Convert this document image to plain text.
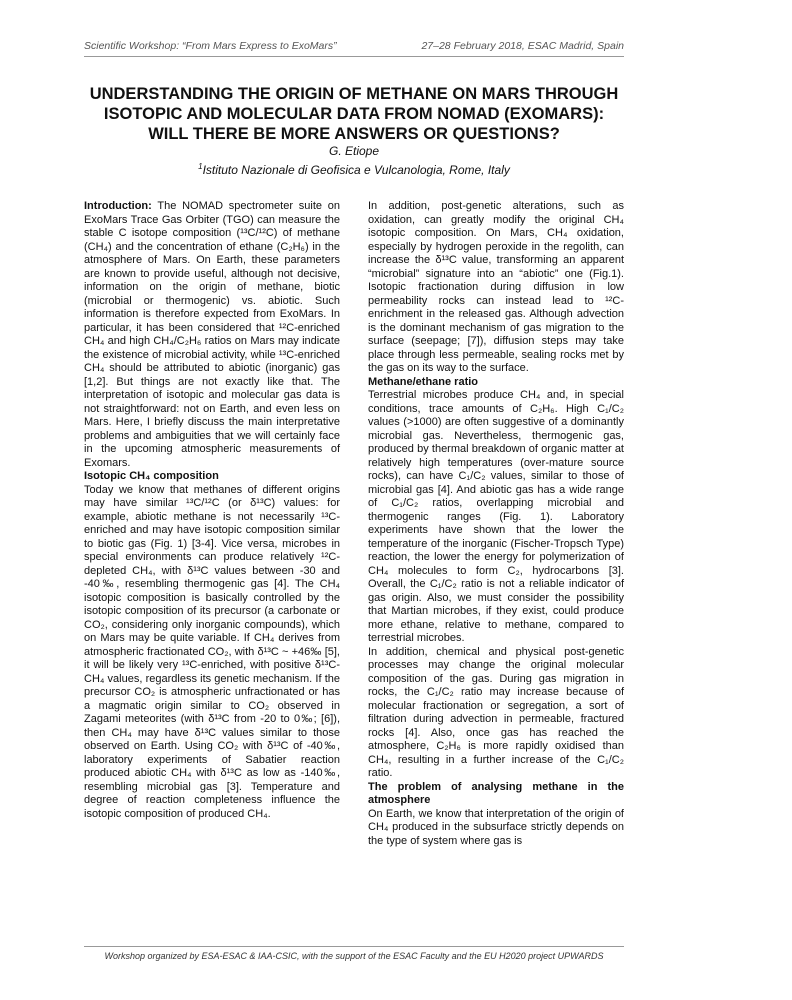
Scientific Workshop: “From Mars Express to ExoMars”	27–28 February 2018, ESAC Madrid, Spain
UNDERSTANDING THE ORIGIN OF METHANE ON MARS THROUGH
ISOTOPIC AND MOLECULAR DATA FROM NOMAD (EXOMARS):
WILL THERE BE MORE ANSWERS OR QUESTIONS?
G. Etiope
$^1$Istituto Nazionale di Geofisica e Vulcanologia, Rome, Italy

Introduction: The NOMAD spectrometer suite on ExoMars Trace Gas Orbiter (TGO) can measure the stable C isotope composition (¹³C/¹²C) of methane (CH₄) and the concentration of ethane (C₂H₆) in the atmosphere of Mars. On Earth, these parameters are known to provide useful, although not decisive, information on the origin of methane, biotic (microbial or thermogenic) vs. abiotic. Such information is therefore expected from ExoMars. In particular, it has been considered that ¹²C-enriched CH₄ and high CH₄/C₂H₆ ratios on Mars may indicate the existence of microbial activity, while ¹³C-enriched CH₄ should be attributed to abiotic (inorganic) gas [1,2]. But things are not exactly like that. The interpretation of isotopic and molecular gas data is not straightforward: not on Earth, and even less on Mars. Here, I briefly discuss the main interpretative problems and ambiguities that we will certainly face in the upcoming atmospheric measurements of Exomars.

Isotopic CH₄ composition

Today we know that methanes of different origins may have similar ¹³C/¹²C (or δ¹³C) values: for example, abiotic methane is not necessarily ¹³C-enriched and may have isotopic composition similar to biotic gas (Fig. 1) [3-4]. Vice versa, microbes in special environments can produce relatively ¹²C-depleted CH₄, with δ¹³C values between -30 and -40‰, resembling thermogenic gas [4]. The CH₄ isotopic composition is basically controlled by the isotopic composition of its precursor (a carbonate or CO₂, considering only inorganic compounds), which on Mars may be quite variable. If CH₄ derives from atmospheric fractionated CO₂, with δ¹³C ~ +46‰ [5], it will be likely very ¹³C-enriched, with positive δ¹³C-CH₄ values, regardless its genetic mechanism. If the precursor CO₂ is atmospheric unfractionated or has a magmatic origin similar to CO₂ observed in Zagami meteorites (with δ¹³C from -20 to 0‰; [6]), then CH₄ may have δ¹³C values similar to those observed on Earth. Using CO₂ with δ¹³C of -40‰, laboratory experiments of Sabatier reaction produced abiotic CH₄ with δ¹³C as low as -140‰, resembling microbial gas [3]. Temperature and degree of reaction completeness influence the isotopic composition of produced CH₄.

In addition, post-genetic alterations, such as oxidation, can greatly modify the original CH₄ isotopic composition. On Mars, CH₄ oxidation, especially by hydrogen peroxide in the regolith, can increase the δ¹³C value, transforming an apparent “microbial” signature into an “abiotic” one (Fig.1). Isotopic fractionation during diffusion in low permeability rocks can instead lead to ¹²C-enrichment in the released gas. Although advection is the dominant mechanism of gas migration to the surface (seepage; [7]), diffusion steps may take place through less permeable, sealing rocks met by the gas on its way to the surface.

Methane/ethane ratio

Terrestrial microbes produce CH₄ and, in special conditions, trace amounts of C₂H₆. High C₁/C₂ values (>1000) are often suggestive of a dominantly microbial gas. Nevertheless, thermogenic gas, produced by thermal breakdown of organic matter at relatively high temperatures (over-mature source rocks), can have C₁/C₂ values, similar to those of microbial gas [4]. And abiotic gas has a wide range of C₁/C₂ ratios, overlapping microbial and thermogenic ranges (Fig. 1). Laboratory experiments have shown that the lower the temperature of the inorganic (Fischer-Tropsch Type) reaction, the lower the energy for polymerization of CH₄ molecules to form C₂, hydrocarbons [3]. Overall, the C₁/C₂ ratio is not a reliable indicator of gas origin. Also, we must consider the possibility that Martian microbes, if they exist, could produce more ethane, relative to methane, compared to terrestrial microbes.

In addition, chemical and physical post-genetic processes may change the original molecular composition of the gas. During gas migration in rocks, the C₁/C₂ ratio may increase because of molecular fractionation or segregation, a sort of filtration during advection in permeable, fractured rocks [4]. Also, once gas has reached the atmosphere, C₂H₆ is more rapidly oxidised than CH₄, resulting in a further increase of the C₁/C₂ ratio.

The problem of analysing methane in the atmosphere

On Earth, we know that interpretation of the origin of CH₄ produced in the subsurface strictly depends on the type of system where gas is

Workshop organized by ESA-ESAC & IAA-CSIC, with the support of the ESAC Faculty and the EU H2020 project UPWARDS
